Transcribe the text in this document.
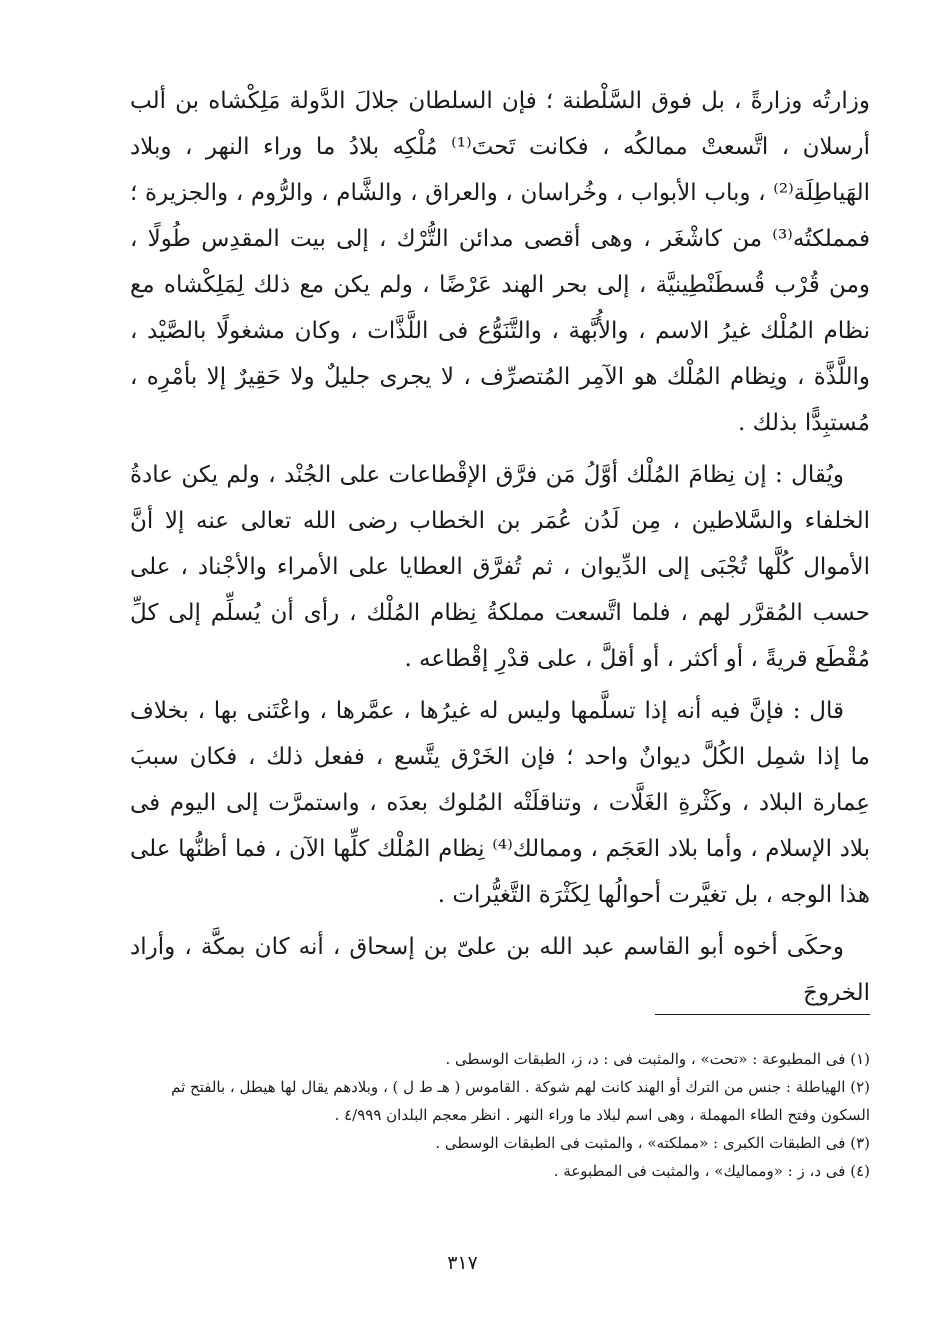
وزارتُه وزارةً ، بل فوق السَّلْطنة ؛ فإن السلطان جلالَ الدَّولة مَلِكْشاه بن ألب أرسلان ، اتَّسعتْ ممالكُه ، فكانت تَحتَ⁽¹⁾ مُلْكِه بلادُ ما وراء النهر ، وبلاد الهَياطِلَة⁽²⁾ ، وباب الأبواب ، وخُراسان ، والعراق ، والشَّام ، والرُّوم ، والجزيرة ؛ فمملكتُه⁽³⁾ من كاشْغَر ، وهى أقصى مدائن التُّرْك ، إلى بيت المقدِس طُولًا ، ومن قُرْب قُسطَنْطِينيَّة ، إلى بحر الهند عَرْضًا ، ولم يكن مع ذلك لِمَلِكْشاه مع نظام المُلْك غيرُ الاسم ، والأُبَّهة ، والتَّنَوُّع فى اللَّذَّات ، وكان مشغولًا بالصَّيْد ، واللَّذَّة ، ونِظام المُلْك هو الآمِر المُتصرِّف ، لا يجرى جليلٌ ولا حَقِيرٌ إلا بأمْرِه ، مُستبِدًّا بذلك .

ويُقال : إن نِظامَ المُلْك أوَّلُ مَن فرَّق الإقْطاعات على الجُنْد ، ولم يكن عادةُ الخلفاء والسَّلاطين ، مِن لَدُن عُمَر بن الخطاب رضى الله تعالى عنه إلا أنَّ الأموال كُلَّها تُجْبَى إلى الدِّيوان ، ثم تُفرَّق العطايا على الأمراء والأجْناد ، على حسب المُقرَّر لهم ، فلما اتَّسعت مملكةُ نِظام المُلْك ، رأى أن يُسلِّم إلى كلِّ مُقْطَع قريةً ، أو أكثر ، أو أقلَّ ، على قدْرِ إقْطاعه .

قال : فإنَّ فيه أنه إذا تسلَّمها وليس له غيرُها ، عمَّرها ، واعْتَنى بها ، بخلاف ما إذا شمِل الكُلَّ ديوانٌ واحد ؛ فإن الخَرْق يتَّسع ، ففعل ذلك ، فكان سببَ عِمارة البلاد ، وكَثْرةِ الغَلَّات ، وتناقلَتْه المُلوك بعدَه ، واستمرَّت إلى اليوم فى بلاد الإسلام ، وأما بلاد العَجَم ، وممالك⁽⁴⁾ نِظام المُلْك كلِّها الآن ، فما أظنُّها على هذا الوجه ، بل تغيَّرت أحوالُها لِكَثْرَة التَّغيُّرات .

وحكَى أخوه أبو القاسم عبد الله بن علىّ بن إسحاق ، أنه كان بمكَّة ، وأراد الخروجَ

(١) فى المطبوعة : «تحت» ، والمثبت فى : د، ز، الطبقات الوسطى .

(٢) الهياطلة : جنس من الترك أو الهند كانت لهم شوكة . القاموس ( هـ ط ل ) ، وبلادهم يقال لها هيطل ، بالفتح ثم

السكون وفتح الطاء المهملة ، وهى اسم لبلاد ما وراء النهر . انظر معجم البلدان ٤/٩٩٩ .

(٣) فى الطبقات الكبرى : «مملكته» ، والمثبت فى الطبقات الوسطى .

(٤) فى د، ز : «ومماليك» ، والمثبت فى المطبوعة .

٣١٧
